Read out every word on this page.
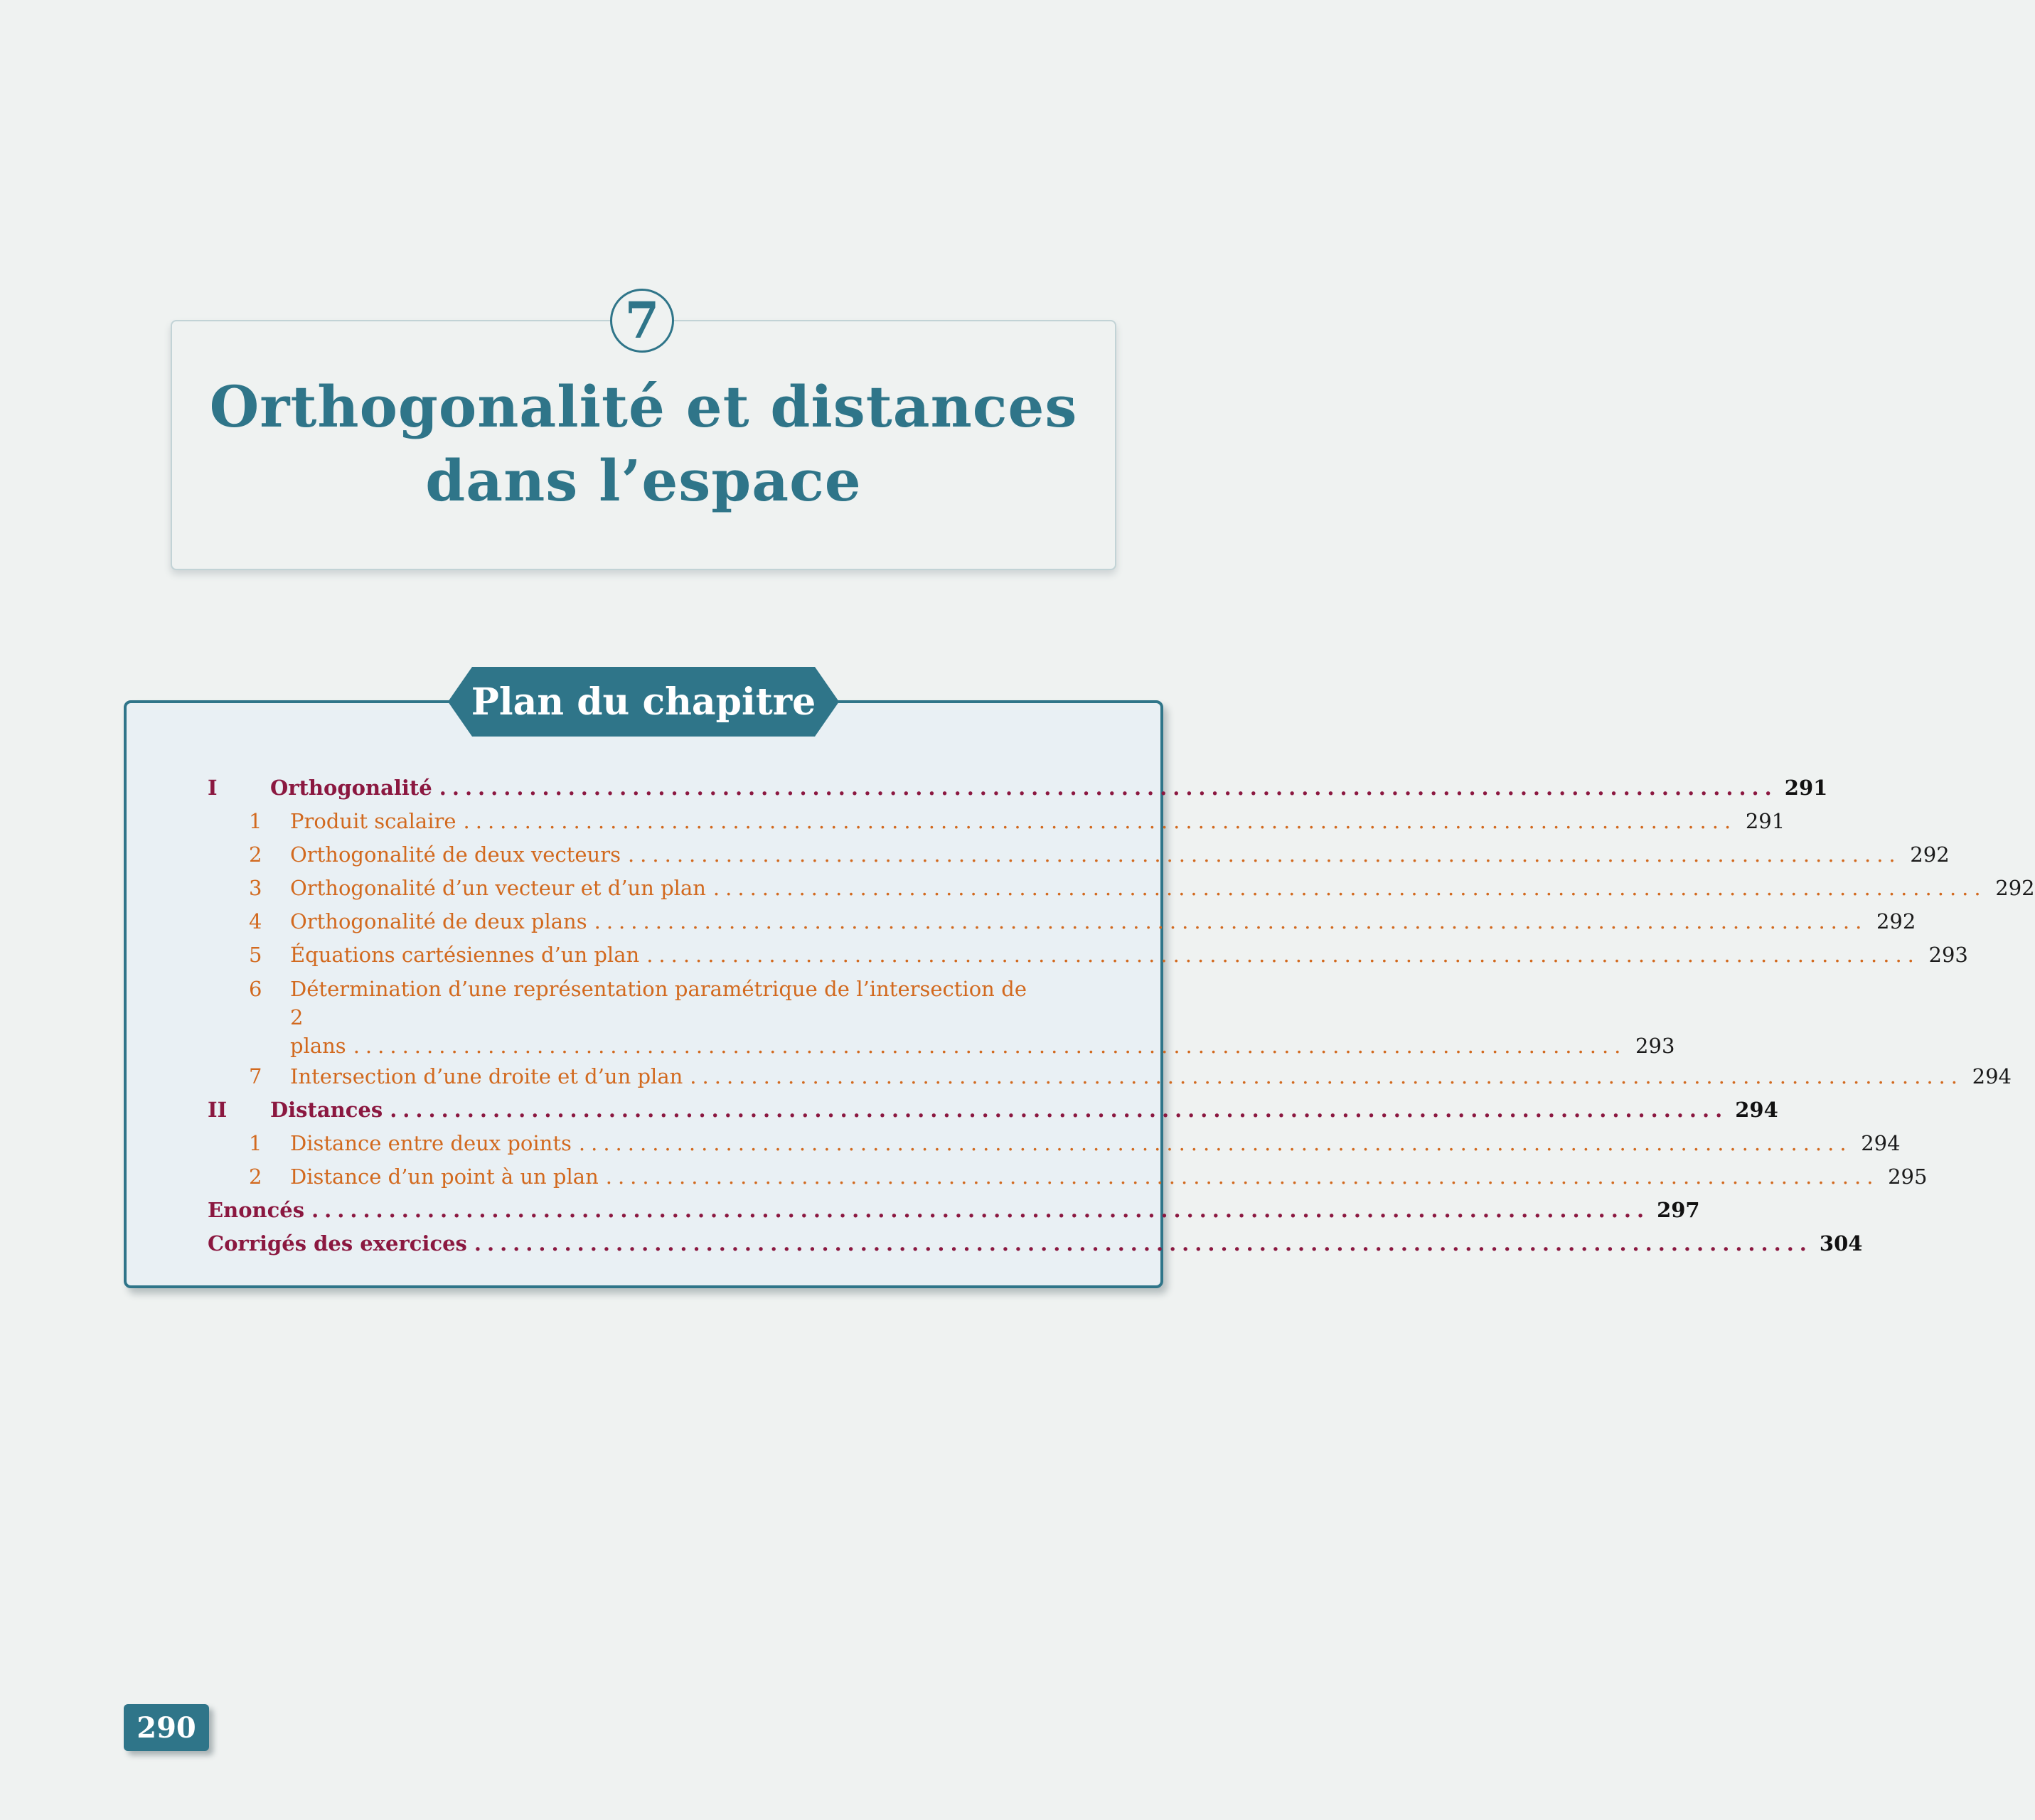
7
Orthogonalité et distances
dans l’espace
Plan du chapitre
I	Orthogonalité ........................................................................................................ 291
1	Produit scalaire ........................................................................................................ 291
2	Orthogonalité de deux vecteurs ........................................................................................................ 292
3	Orthogonalité d’un vecteur et d’un plan ........................................................................................................ 292
4	Orthogonalité de deux plans ........................................................................................................ 292
5	Équations cartésiennes d’un plan ........................................................................................................ 293
6	Détermination d’une représentation paramétrique de l’intersection de 2
plans ........................................................................................................ 293
7	Intersection d’une droite et d’un plan ........................................................................................................ 294
II	Distances ........................................................................................................ 294
1	Distance entre deux points ........................................................................................................ 294
2	Distance d’un point à un plan ........................................................................................................ 295
Enoncés ........................................................................................................ 297
Corrigés des exercices ........................................................................................................ 304
290
